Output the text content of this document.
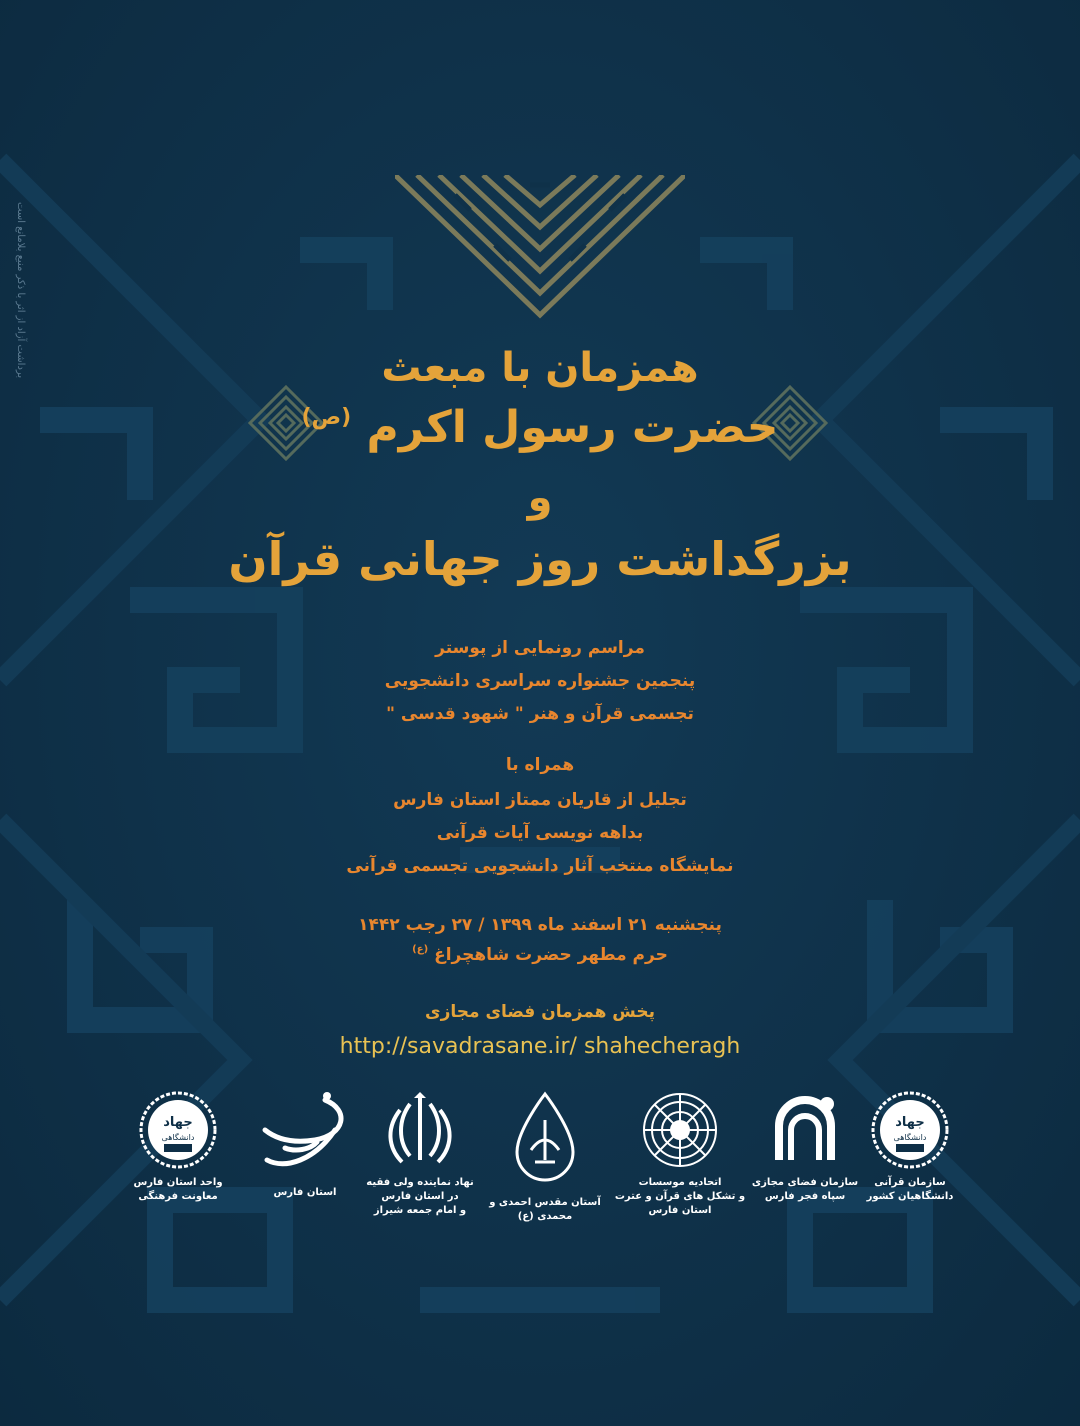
برداشت آزاد از اثر با ذکر منبع بلامانع است	همزمان با مبعث
حضرت رسول اکرم $^{(ص)}$
و
بزرگداشت روز جهانی قرآن
مراسم رونمایی از پوستر
پنجمین جشنواره سراسری دانشجویی
تجسمی قرآن و هنر " شهود قدسی "
همراه با
تجلیل از قاریان ممتاز استان فارس
بداهه نویسی آیات قرآنی
نمایشگاه منتخب آثار دانشجویی تجسمی قرآنی
پنجشنبه ۲۱ اسفند ماه ۱۳۹۹ / ۲۷ رجب ۱۴۴۲
حرم مطهر حضرت شاهچراغ $^{(ع)}$
پخش همزمان فضای مجازی
http://savadrasane.ir/ shahecheragh
جهاد
دانشگاهی
سازمان قرآنی
دانشگاهیان کشور
سازمان فضای مجازی
سپاه فجر فارس
اتحادیه موسسات
و تشکل های قرآن و عترت
استان فارس
آستان مقدس احمدی و محمدی (ع)
نهاد نماینده ولی فقیه
در استان فارس
و امام جمعه شیراز
استان فارس
جهاد
دانشگاهی
واحد استان فارس
معاونت فرهنگی
